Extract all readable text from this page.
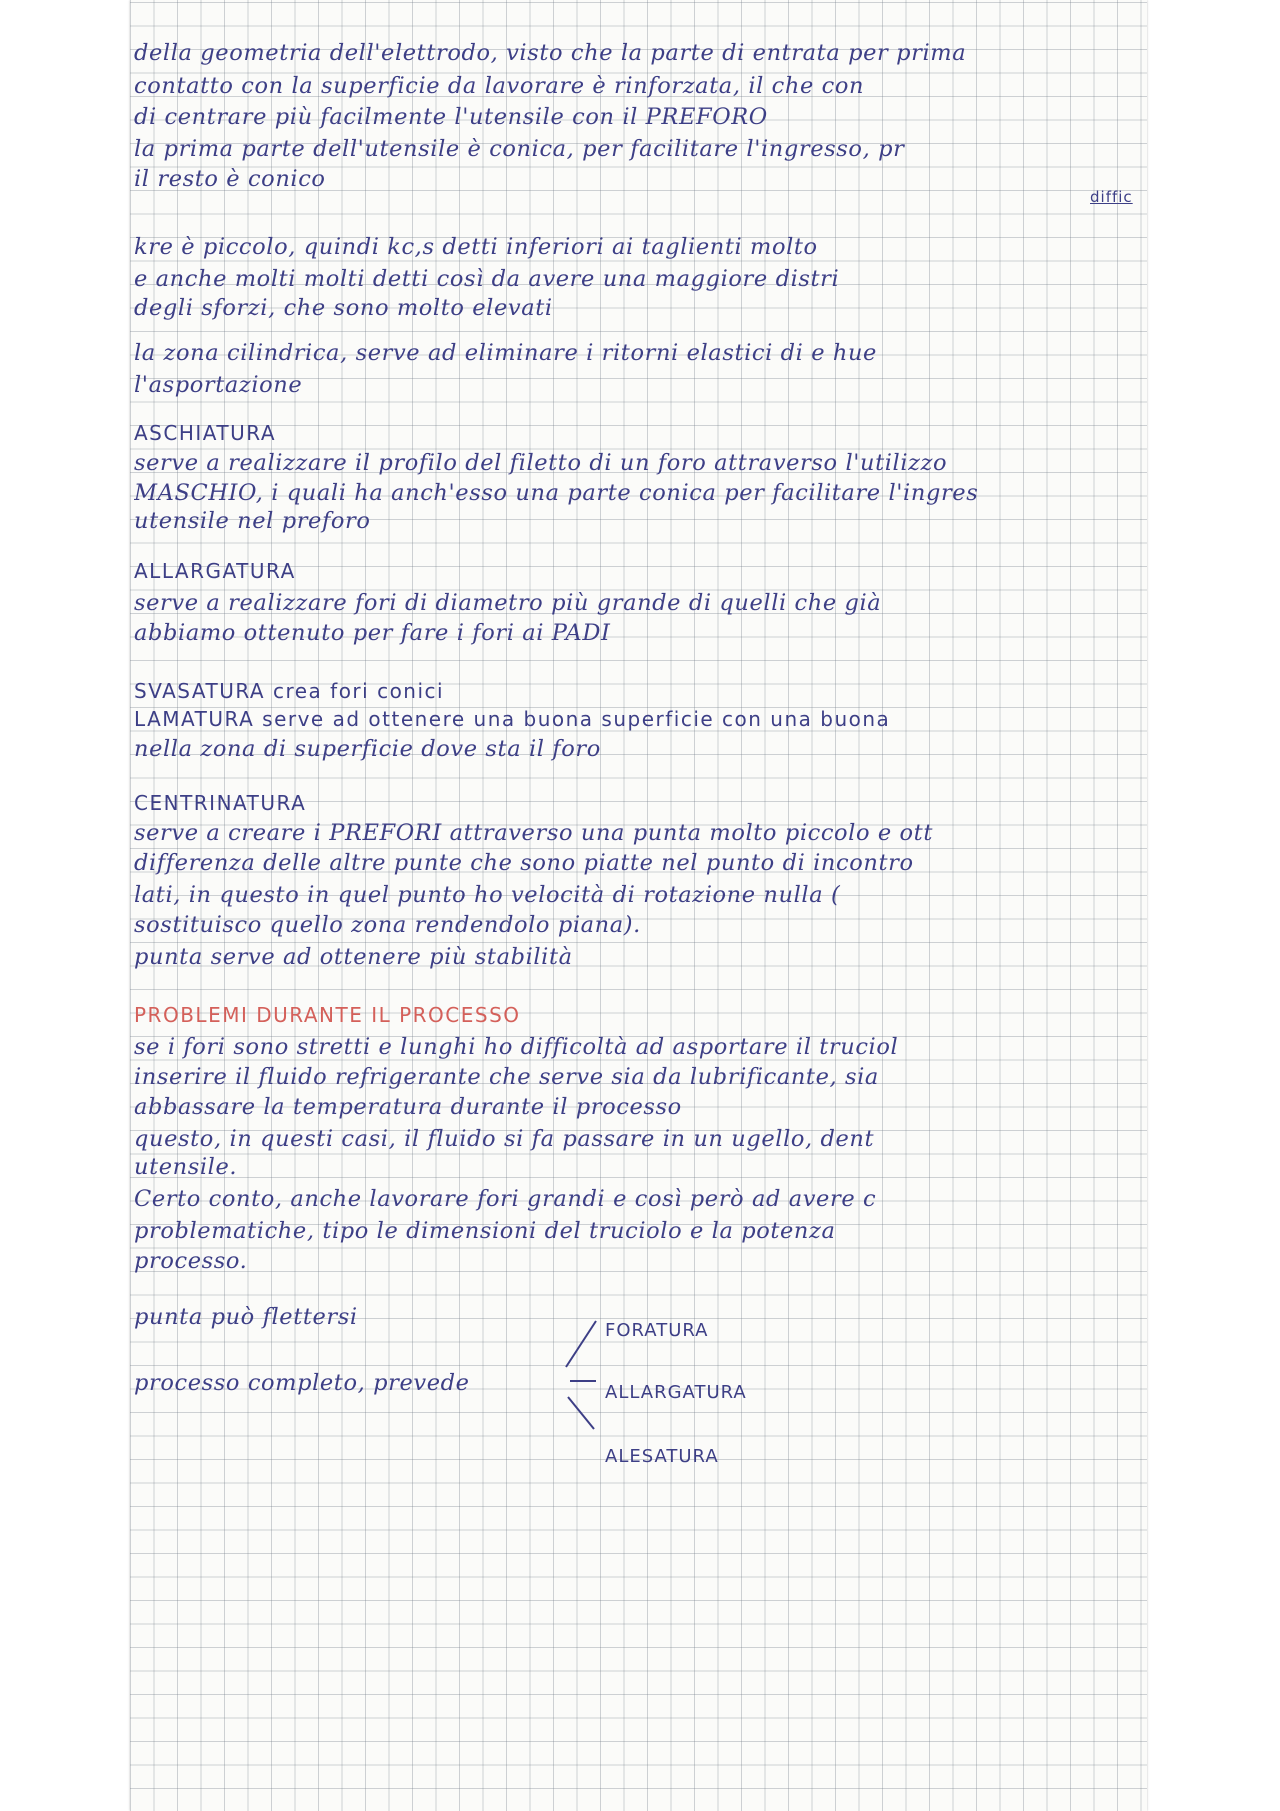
della geometria dell'elettrodo, visto che la parte di entrata per prima
contatto con la superficie da lavorare è rinforzata, il che con
di centrare più facilmente l'utensile con il PREFORO
la prima parte dell'utensile è conica, per facilitare l'ingresso, pr
il resto è conico
kre è piccolo, quindi kc,s detti inferiori ai taglienti molto
e anche molti molti detti così da avere una maggiore distri
degli sforzi, che sono molto elevati
la zona cilindrica, serve ad eliminare i ritorni elastici di e hue
l'asportazione
ASCHIATURA
serve a realizzare il profilo del filetto di un foro attraverso l'utilizzo
MASCHIO, i quali ha anch'esso una parte conica per facilitare l'ingres
utensile nel preforo
ALLARGATURA
serve a realizzare fori di diametro più grande di quelli che già
abbiamo ottenuto per fare i fori ai PADI
SVASATURA crea fori conici
LAMATURA serve ad ottenere una buona superficie con una buona
nella zona di superficie dove sta il foro
CENTRINATURA
serve a creare i PREFORI attraverso una punta molto piccolo e ott
differenza delle altre punte che sono piatte nel punto di incontro
lati, in questo in quel punto ho velocità di rotazione nulla (
sostituisco quello zona rendendolo piana).
punta serve ad ottenere più stabilità
PROBLEMI DURANTE IL PROCESSO
se i fori sono stretti e lunghi ho difficoltà ad asportare il truciol
inserire il fluido refrigerante che serve sia da lubrificante, sia
abbassare la temperatura durante il processo
questo, in questi casi, il fluido si fa passare in un ugello, dent
utensile.
Certo conto, anche lavorare fori grandi e così però ad avere c
problematiche, tipo le dimensioni del truciolo e la potenza
processo.
punta può flettersi
processo completo, prevede
diffic
FORATURA
ALLARGATURA
ALESATURA
